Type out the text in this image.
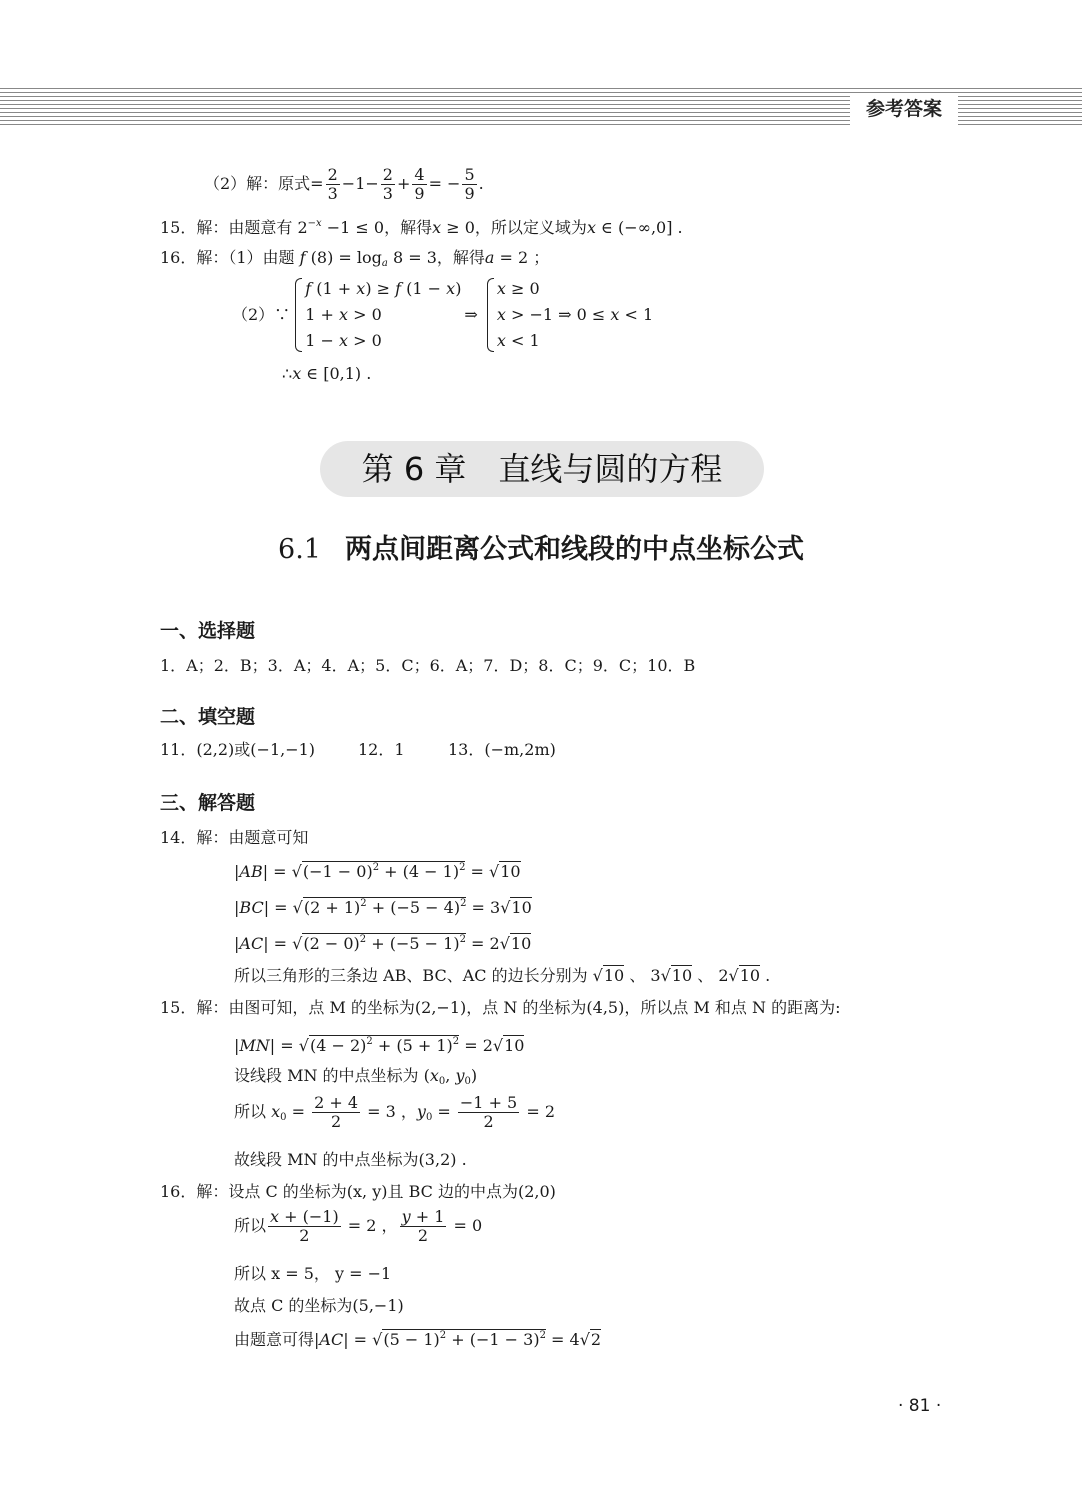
参考答案
（2）解：原式= $\frac{2}{3} -1- \frac{2}{3} + \frac{4}{9}$ = − $\frac{5}{9}$ .
15．解：由题意有 $2^{-x} -1 \le 0$，解得x ≥ 0，所以定义域为x ∈ (−∞,0] .
16．解：（1）由题 f $(8) = \log_a 8 = 3$，解得a = 2 ；
（2）∵
f (1 + x) ≥ f (1 − x)
1 + x > 0
1 − x > 0
⇒
x ≥ 0
x > −1 ⇒ 0 ≤ x < 1
x < 1
∴x ∈ [0,1) .
第 6 章　直线与圆的方程
6.1 两点间距离公式和线段的中点坐标公式
一、选择题
1．A；2．B；3．A；4．A；5．C；6．A；7．D；8．C；9．C；10．B
二、填空题
11．(2,2)或(−1,−1)	12．1	13．(−m,2m)
三、解答题
14．解：由题意可知
$|AB| = √(-1 - 0)^2 + (4 - 1)^2 = √10$
$|BC| = √(2 + 1)^2 + (-5 - 4)^2 = 3√10$
$|AC| = √(2 - 0)^2 + (-5 - 1)^2 = 2√10$
所以三角形的三条边 AB、BC、AC 的边长分别为 √10 、 3√10 、 2√10 .
15．解：由图可知，点 M 的坐标为(2,−1)，点 N 的坐标为(4,5)，所以点 M 和点 N 的距离为:
$|MN| = √(4 - 2)^2 + (5 + 1)^2 = 2√10$
设线段 MN 的中点坐标为 ($x_0$, $y_0$)
所以 $x_0 = \frac{2 + 4}{2} = 3$ ，$y_0 = \frac{-1 + 5}{2} = 2$
故线段 MN 的中点坐标为(3,2) .
16．解：设点 C 的坐标为(x, y)且 BC 边的中点为(2,0)
所以 $\frac{x + (-1)}{2} = 2$ ， $\frac{y + 1}{2} = 0$
所以 x = 5， y = −1
故点 C 的坐标为(5,−1)
由题意可得$|AC| = √(5 - 1)^2 + (-1 - 3)^2 = 4√2$
· 81 ·
